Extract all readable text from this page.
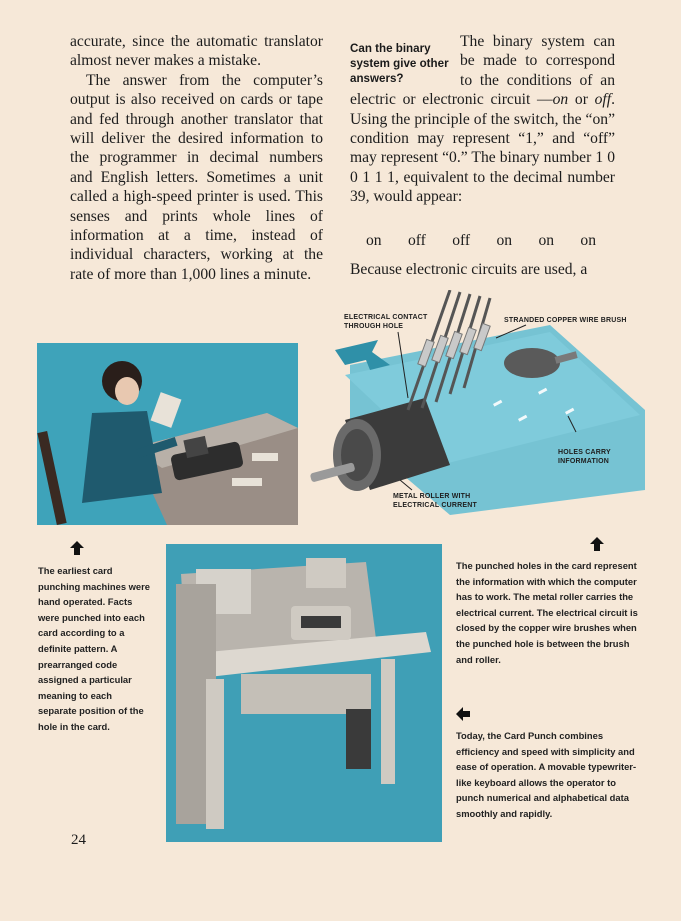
accurate, since the automatic translator almost never makes a mistake.

The answer from the computer’s output is also received on cards or tape and fed through another translator that will deliver the desired information to the programmer in decimal numbers and English letters. Sometimes a unit called a high-speed printer is used. This senses and prints whole lines of information at a time, instead of individual characters, working at the rate of more than 1,000 lines a minute.

Can the binary system give other answers?

The binary system can be made to correspond to the conditions of an electric or electronic circuit —on or off. Using the principle of the switch, the “on” condition may represent “1,” and “off” may represent “0.” The binary number 1 0 0 1 1 1, equivalent to the decimal number 39, would appear:

on off off on on on
Because electronic circuits are used, a
ELECTRICAL CONTACT THROUGH HOLE
STRANDED COPPER WIRE BRUSH
HOLES CARRY INFORMATION
METAL ROLLER WITH ELECTRICAL CURRENT
The earliest card punching machines were hand operated. Facts were punched into each card according to a definite pattern. A prearranged code assigned a particular meaning to each separate position of the hole in the card.
The punched holes in the card represent the information with which the computer has to work. The metal roller carries the electrical current. The electrical circuit is closed by the copper wire brushes when the punched hole is between the brush and roller.
Today, the Card Punch combines efficiency and speed with simplicity and ease of operation. A movable typewriter-like keyboard allows the operator to punch numerical and alphabetical data smoothly and rapidly.
24
